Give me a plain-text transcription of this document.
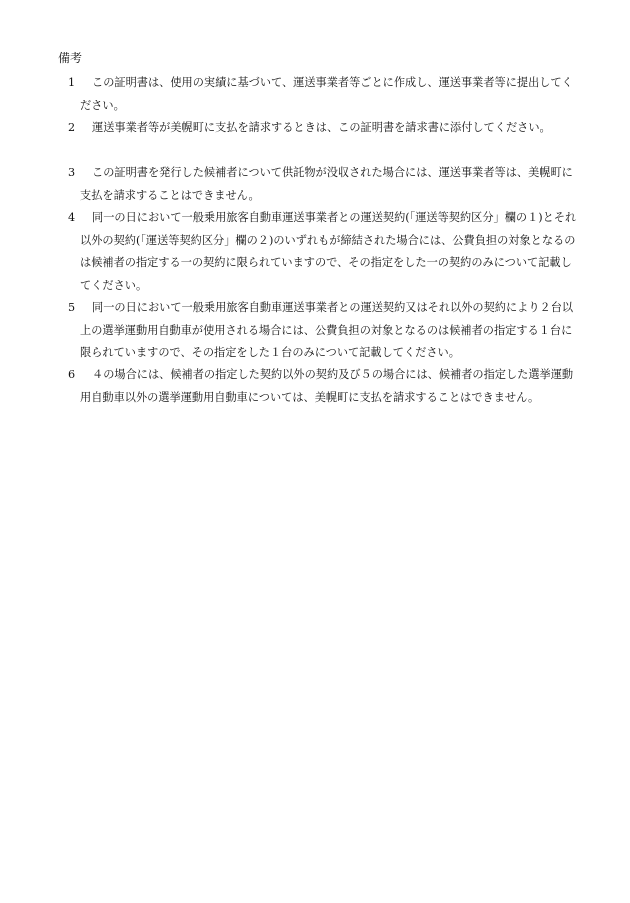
備考
1	この証明書は、使用の実績に基づいて、運送事業者等ごとに作成し、運送事業者等に提出してください。
2	運送事業者等が美幌町に支払を請求するときは、この証明書を請求書に添付してください。
3	この証明書を発行した候補者について供託物が没収された場合には、運送事業者等は、美幌町に支払を請求することはできません。
4	同一の日において一般乗用旅客自動車運送事業者との運送契約(「運送等契約区分」欄の１)とそれ以外の契約(「運送等契約区分」欄の２)のいずれもが締結された場合には、公費負担の対象となるのは候補者の指定する一の契約に限られていますので、その指定をした一の契約のみについて記載してください。
5	同一の日において一般乗用旅客自動車運送事業者との運送契約又はそれ以外の契約により２台以上の選挙運動用自動車が使用される場合には、公費負担の対象となるのは候補者の指定する１台に限られていますので、その指定をした１台のみについて記載してください。
6	４の場合には、候補者の指定した契約以外の契約及び５の場合には、候補者の指定した選挙運動用自動車以外の選挙運動用自動車については、美幌町に支払を請求することはできません。
